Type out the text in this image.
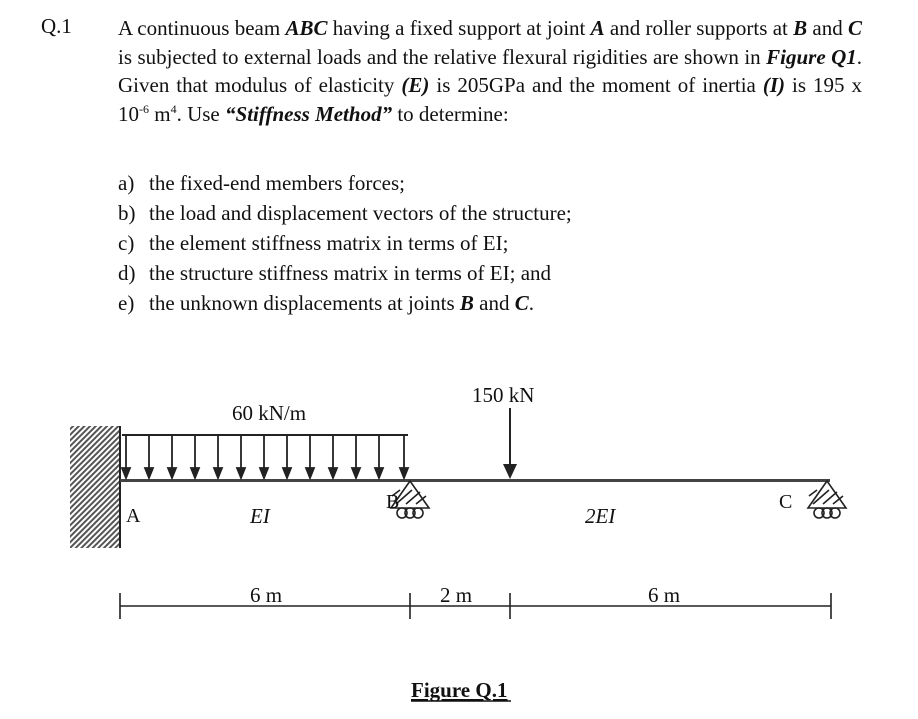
Q.1 A continuous beam ABC having a fixed support at joint A and roller supports at B and C is subjected to external loads and the relative flexural rigidities are shown in Figure Q1. Given that modulus of elasticity (E) is 205GPa and the moment of inertia (I) is 195 x $10^{-6}$ $m^4$. Use “Stiffness Method” to determine:

a) the fixed-end members forces;
b) the load and displacement vectors of the structure;
c) the element stiffness matrix in terms of EI;
d) the structure stiffness matrix in terms of EI; and
e) the unknown displacements at joints B and C.
60 kN/m
150 kN
A
B	C
EI	2EI
6 m	2 m	6 m
Figure Q.1
